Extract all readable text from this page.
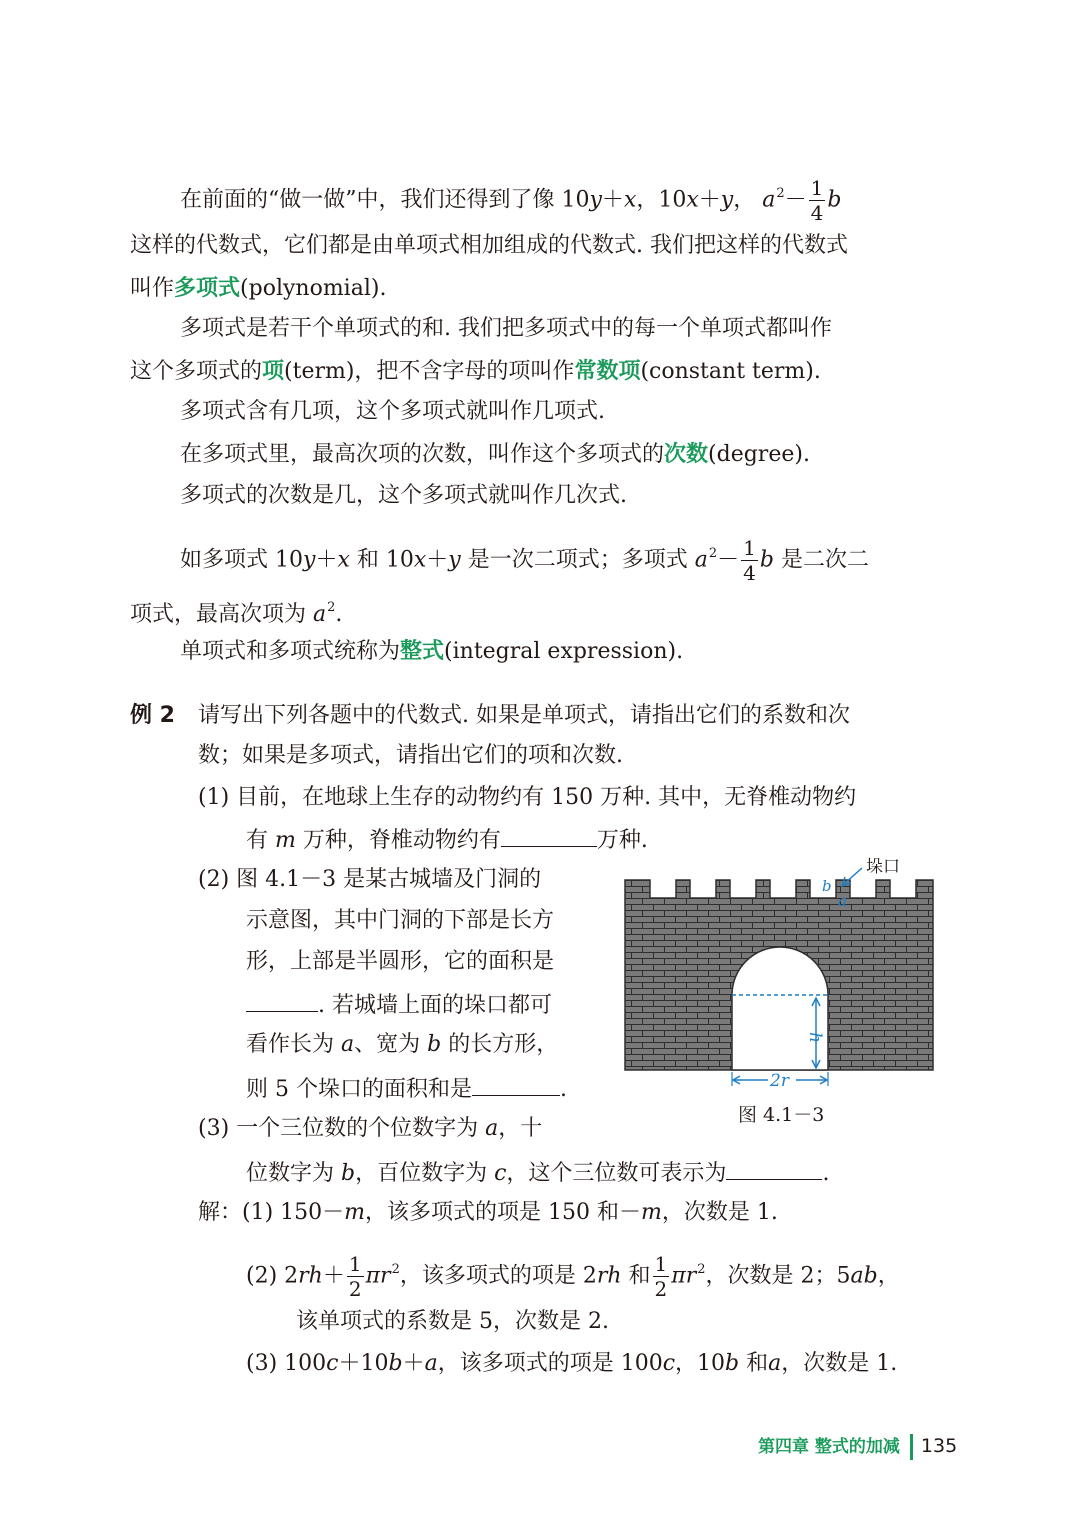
在前面的“做一做”中，我们还得到了像 10y＋x，10x＋y， $a^2- \frac{1}{4}$ b
这样的代数式，它们都是由单项式相加组成的代数式. 我们把这样的代数式
叫作多项式(polynomial).
多项式是若干个单项式的和. 我们把多项式中的每一个单项式都叫作
这个多项式的项(term)，把不含字母的项叫作常数项(constant term).
多项式含有几项，这个多项式就叫作几项式.
在多项式里，最高次项的次数，叫作这个多项式的次数(degree).
多项式的次数是几，这个多项式就叫作几次式.
如多项式 10y＋x 和 10x＋y 是一次二项式；多项式 $a^2- \frac{1}{4}$ b 是二次二
项式，最高次项为 $a^2$.
单项式和多项式统称为整式(integral expression).
例 2 请写出下列各题中的代数式. 如果是单项式，请指出它们的系数和次
数；如果是多项式，请指出它们的项和次数.
(1) 目前，在地球上生存的动物约有 150 万种. 其中，无脊椎动物约
有 m 万种，脊椎动物约有	万种.
(2) 图 4.1－3 是某古城墙及门洞的
示意图，其中门洞的下部是长方
形，上部是半圆形，它的面积是
. 若城墙上面的垛口都可
看作长为 a、宽为 b 的长方形，
则 5 个垛口的面积和是	.
(3) 一个三位数的个位数字为 a，十
位数字为 b，百位数字为 c，这个三位数可表示为	.
解：(1) 150－m，该多项式的项是 150 和－m，次数是 1.
(2) $2rh+ \frac{1}{2} \pi r^2$，该多项式的项是 2rh 和 $\frac{1}{2} \pi r^2$，次数是 2；5ab，
该单项式的系数是 5，次数是 2.
(3) 100c＋10b＋a，该多项式的项是 100c，10b 和a，次数是 1.
h
2r
b
a
垛口
图 4.1－3
第四章 整式的加减 135
